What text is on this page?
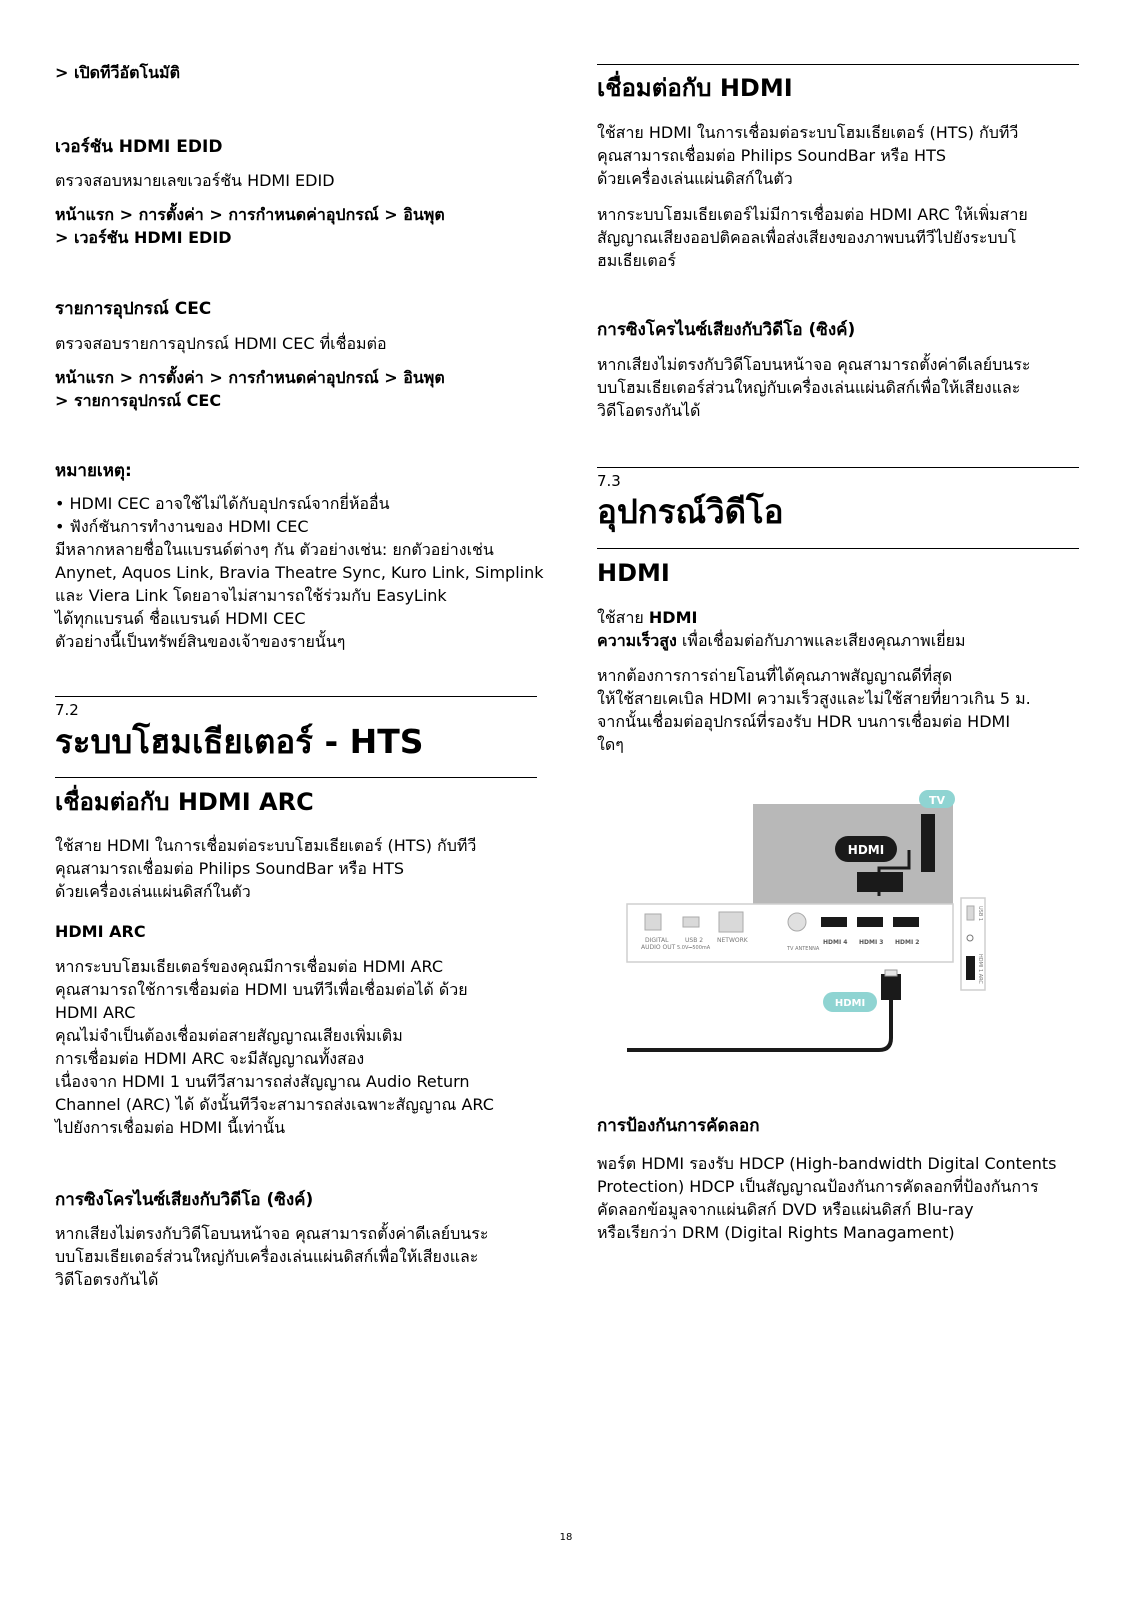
> เปิดทีวีอัตโนมัติ
เวอร์ชัน HDMI EDID
ตรวจสอบหมายเลขเวอร์ชัน HDMI EDID
หน้าแรก > การตั้งค่า > การกำหนดค่าอุปกรณ์ > อินพุต
> เวอร์ชัน HDMI EDID
รายการอุปกรณ์ CEC
ตรวจสอบรายการอุปกรณ์ HDMI CEC ที่เชื่อมต่อ
หน้าแรก > การตั้งค่า > การกำหนดค่าอุปกรณ์ > อินพุต
> รายการอุปกรณ์ CEC
หมายเหตุ:
• HDMI CEC อาจใช้ไม่ได้กับอุปกรณ์จากยี่ห้ออื่น
• ฟังก์ชันการทำงานของ HDMI CEC
มีหลากหลายชื่อในแบรนด์ต่างๆ กัน ตัวอย่างเช่น: ยกตัวอย่างเช่น
Anynet, Aquos Link, Bravia Theatre Sync, Kuro Link, Simplink
และ Viera Link โดยอาจไม่สามารถใช้ร่วมกับ EasyLink
ได้ทุกแบรนด์ ชื่อแบรนด์ HDMI CEC
ตัวอย่างนี้เป็นทรัพย์สินของเจ้าของรายนั้นๆ
7.2
ระบบโฮมเธียเตอร์ - HTS
เชื่อมต่อกับ HDMI ARC
ใช้สาย HDMI ในการเชื่อมต่อระบบโฮมเธียเตอร์ (HTS) กับทีวี
คุณสามารถเชื่อมต่อ Philips SoundBar หรือ HTS
ด้วยเครื่องเล่นแผ่นดิสก์ในตัว
HDMI ARC
หากระบบโฮมเธียเตอร์ของคุณมีการเชื่อมต่อ HDMI ARC
คุณสามารถใช้การเชื่อมต่อ HDMI บนทีวีเพื่อเชื่อมต่อได้ ด้วย
HDMI ARC
คุณไม่จำเป็นต้องเชื่อมต่อสายสัญญาณเสียงเพิ่มเติม
การเชื่อมต่อ HDMI ARC จะมีสัญญาณทั้งสอง
เนื่องจาก HDMI 1 บนทีวีสามารถส่งสัญญาณ Audio Return
Channel (ARC) ได้ ดังนั้นทีวีจะสามารถส่งเฉพาะสัญญาณ ARC
ไปยังการเชื่อมต่อ HDMI นี้เท่านั้น
การซิงโครไนซ์เสียงกับวิดีโอ (ซิงค์)
หากเสียงไม่ตรงกับวิดีโอบนหน้าจอ คุณสามารถตั้งค่าดีเลย์บนระ
บบโฮมเธียเตอร์ส่วนใหญ่กับเครื่องเล่นแผ่นดิสก์เพื่อให้เสียงและ
วิดีโอตรงกันได้
เชื่อมต่อกับ HDMI
ใช้สาย HDMI ในการเชื่อมต่อระบบโฮมเธียเตอร์ (HTS) กับทีวี
คุณสามารถเชื่อมต่อ Philips SoundBar หรือ HTS
ด้วยเครื่องเล่นแผ่นดิสก์ในตัว
หากระบบโฮมเธียเตอร์ไม่มีการเชื่อมต่อ HDMI ARC ให้เพิ่มสาย
สัญญาณเสียงออปติคอลเพื่อส่งเสียงของภาพบนทีวีไปยังระบบโ
ฮมเธียเตอร์
การซิงโครไนซ์เสียงกับวิดีโอ (ซิงค์)
หากเสียงไม่ตรงกับวิดีโอบนหน้าจอ คุณสามารถตั้งค่าดีเลย์บนระ
บบโฮมเธียเตอร์ส่วนใหญ่กับเครื่องเล่นแผ่นดิสก์เพื่อให้เสียงและ
วิดีโอตรงกันได้
7.3
อุปกรณ์วิดีโอ
HDMI
ใช้สาย HDMI
ความเร็วสูง เพื่อเชื่อมต่อกับภาพและเสียงคุณภาพเยี่ยม
หากต้องการการถ่ายโอนที่ได้คุณภาพสัญญาณดีที่สุด
ให้ใช้สายเคเบิล HDMI ความเร็วสูงและไม่ใช้สายที่ยาวเกิน 5 ม.
จากนั้นเชื่อมต่ออุปกรณ์ที่รองรับ HDR บนการเชื่อมต่อ HDMI
ใดๆ
HDMI
TV
DIGITAL
AUDIO OUT
USB 2
5.0V⎓500mA
NETWORK
TV ANTENNA
HDMI 4 HDMI 3 HDMI 2
USB 1
HDMI 1 ARC
HDMI
การป้องกันการคัดลอก
พอร์ต HDMI รองรับ HDCP (High-bandwidth Digital Contents
Protection) HDCP เป็นสัญญาณป้องกันการคัดลอกที่ป้องกันการ
คัดลอกข้อมูลจากแผ่นดิสก์ DVD หรือแผ่นดิสก์ Blu-ray
หรือเรียกว่า DRM (Digital Rights Managament)
18
